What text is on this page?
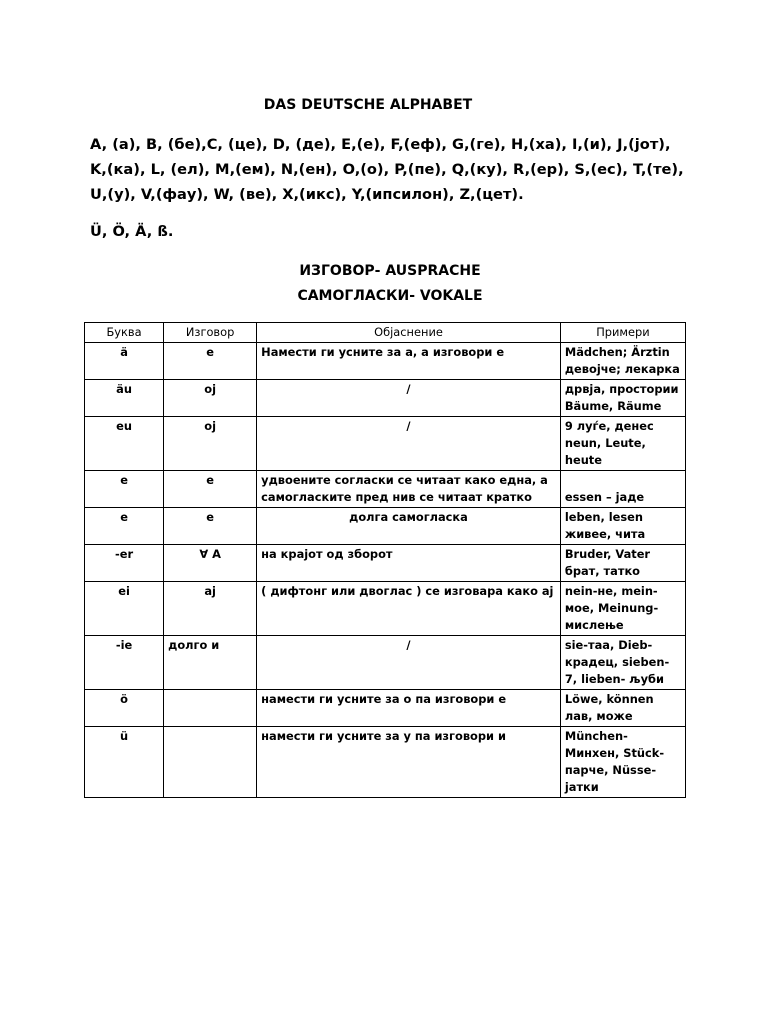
DAS DEUTSCHE ALPHABET
A, (a), B, (бе),C, (це), D, (де), E,(е), F,(еф), G,(ге), H,(ха), I,(и), J,(јот), K,(ка), L, (ел), M,(ем), N,(ен), O,(о), P,(пе), Q,(ку), R,(ер), S,(ес), T,(те), U,(у), V,(фау), W, (ве), X,(икс), Y,(ипсилон), Z,(цет).
Ü, Ö, Ä, ß.
ИЗГОВОР- AUSPRACHE
САМОГЛАСКИ- VOKALE
Буква	Изговор	Објаснение	Примери
ä	е	Намести ги усните за а, а изговори е	Mädchen; Ärztin девојче; лекарка
äu	oj	/	дрвја, простории Bäume, Räume
eu	oj	/	9 луѓе, денес neun, Leute, heute
e	е	удвоените согласки се читаат како една, а самогласките пред нив се читаат кратко	essen – јаде
e	е	долга самогласка	leben, lesen живее, чита
-er	∀ А	на крајот од зборот	Bruder, Vater брат, татко
ei	ај	( дифтонг или двоглас ) се изговара како ај	nein-не, mein-мое, Meinung-мислење
-ie	долго и	/	sie-таа, Dieb-крадец, sieben-7, lieben- љуби
ö		намести ги усните за о па изговори е	Löwe, können лав, може
ü		намести ги усните за у па изговори и	München-Минхен, Stück-парче, Nüsse-јатки
